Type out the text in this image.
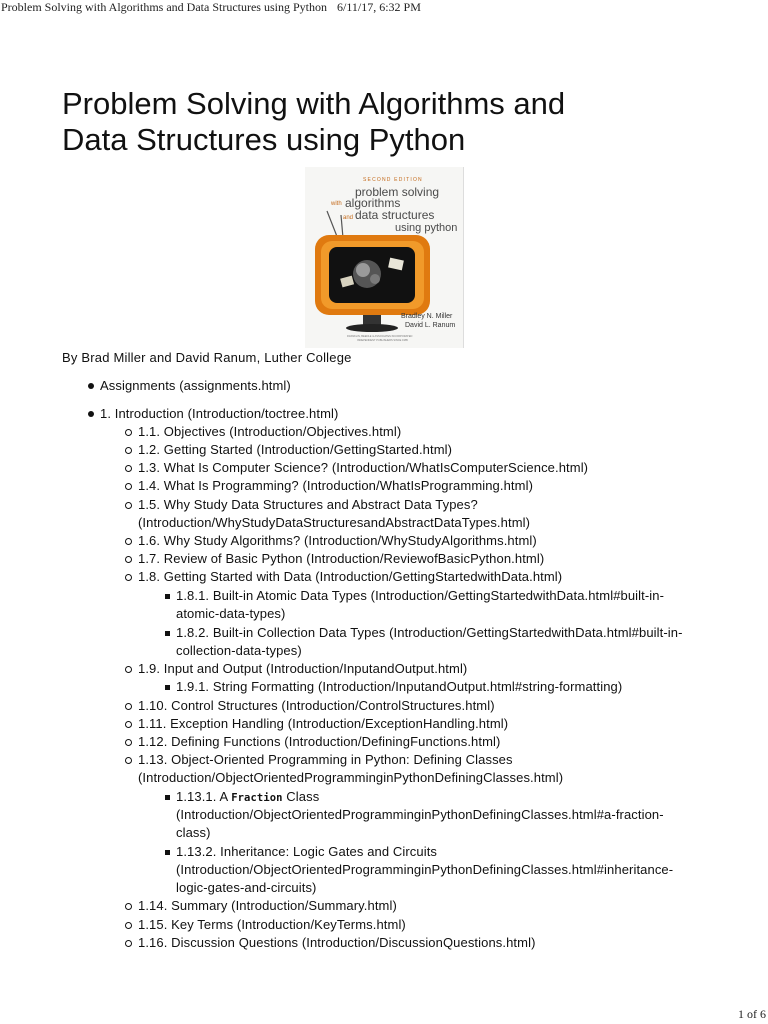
Problem Solving with Algorithms and Data Structures using Python 6/11/17, 6:32 PM
Problem Solving with Algorithms and
Data Structures using Python
SECOND EDITION
problem solving
with algorithms
and data structures
using python
Bradley N. Miller
David L. Ranum
FRANKLIN, BEEDLE & ASSOCIATES INCORPORATED
INDEPENDENT PUBLISHERS SINCE 1985
By Brad Miller and David Ranum, Luther College
Assignments (assignments.html)
1. Introduction (Introduction/toctree.html)
1.1. Objectives (Introduction/Objectives.html)
1.2. Getting Started (Introduction/GettingStarted.html)
1.3. What Is Computer Science? (Introduction/WhatIsComputerScience.html)
1.4. What Is Programming? (Introduction/WhatIsProgramming.html)
1.5. Why Study Data Structures and Abstract Data Types?
(Introduction/WhyStudyDataStructuresandAbstractDataTypes.html)
1.6. Why Study Algorithms? (Introduction/WhyStudyAlgorithms.html)
1.7. Review of Basic Python (Introduction/ReviewofBasicPython.html)
1.8. Getting Started with Data (Introduction/GettingStartedwithData.html)
1.8.1. Built-in Atomic Data Types (Introduction/GettingStartedwithData.html#built-in-
atomic-data-types)
1.8.2. Built-in Collection Data Types (Introduction/GettingStartedwithData.html#built-in-
collection-data-types)
1.9. Input and Output (Introduction/InputandOutput.html)
1.9.1. String Formatting (Introduction/InputandOutput.html#string-formatting)
1.10. Control Structures (Introduction/ControlStructures.html)
1.11. Exception Handling (Introduction/ExceptionHandling.html)
1.12. Defining Functions (Introduction/DefiningFunctions.html)
1.13. Object-Oriented Programming in Python: Defining Classes
(Introduction/ObjectOrientedProgramminginPythonDefiningClasses.html)
1.13.1. A Fraction Class
(Introduction/ObjectOrientedProgramminginPythonDefiningClasses.html#a-fraction-
class)
1.13.2. Inheritance: Logic Gates and Circuits
(Introduction/ObjectOrientedProgramminginPythonDefiningClasses.html#inheritance-
logic-gates-and-circuits)
1.14. Summary (Introduction/Summary.html)
1.15. Key Terms (Introduction/KeyTerms.html)
1.16. Discussion Questions (Introduction/DiscussionQuestions.html)
1 of 6
